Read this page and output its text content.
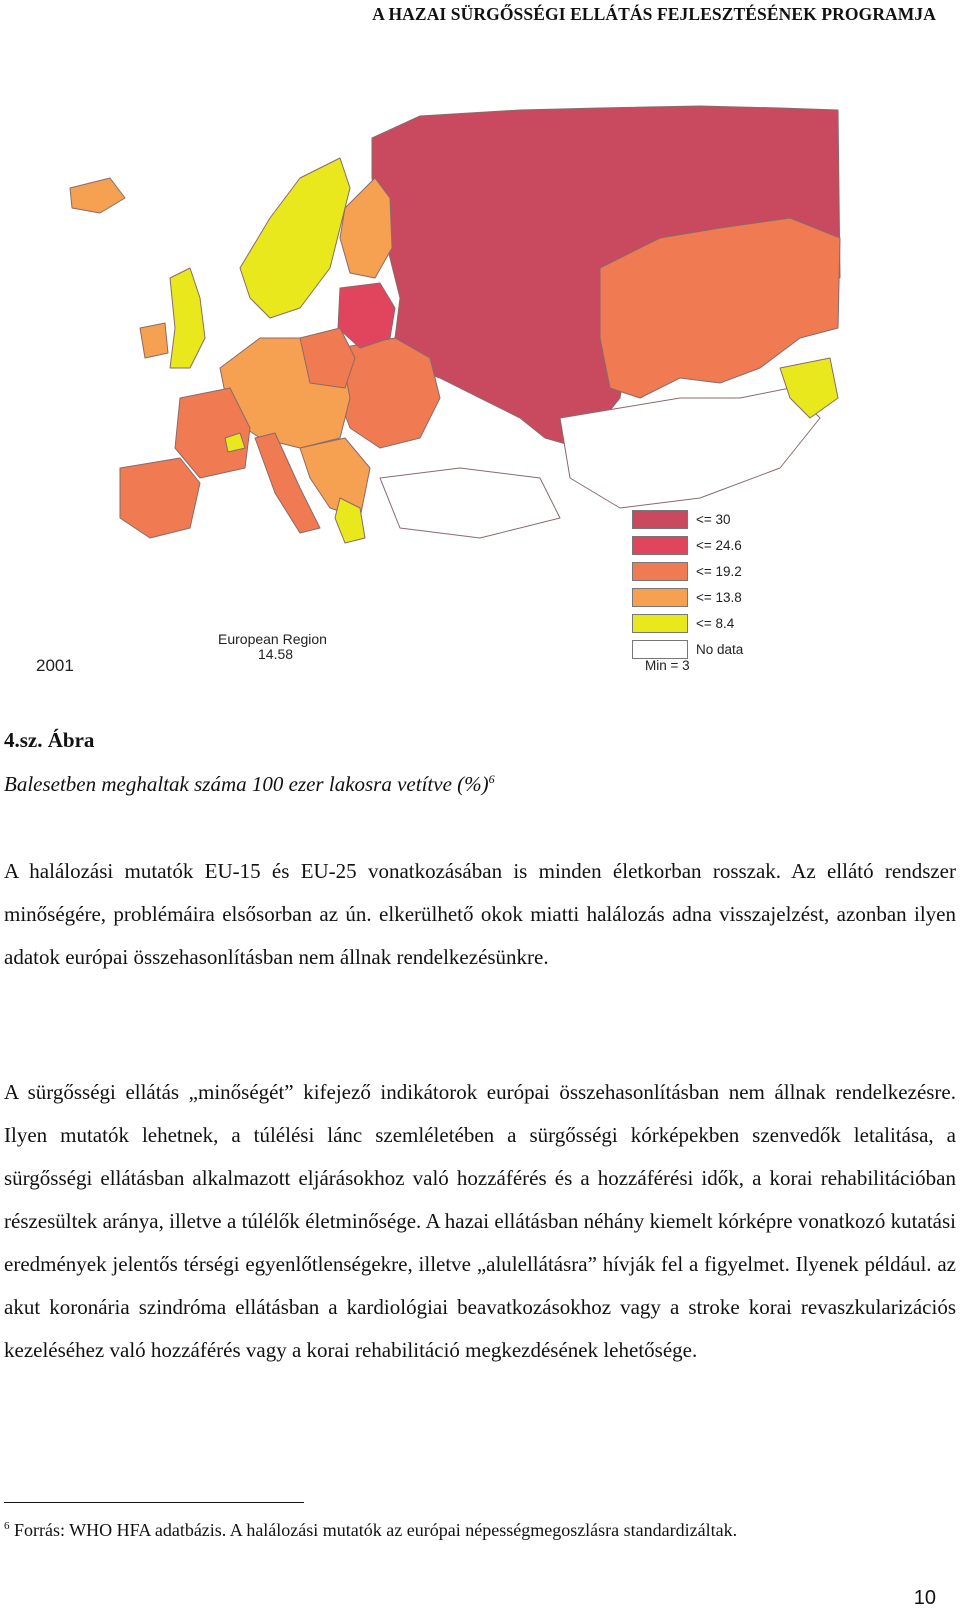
A HAZAI SÜRGŐSSÉGI ELLÁTÁS FEJLESZTÉSÉNEK PROGRAMJA
2001
European Region
14.58
<= 30
<= 24.6
<= 19.2
<= 13.8
<= 8.4
No data
Min = 3
4.sz. Ábra
Balesetben meghaltak száma 100 ezer lakosra vetítve (%)$^6$
A halálozási mutatók EU-15 és EU-25 vonatkozásában is minden életkorban rosszak. Az ellátó rendszer minőségére, problémáira elsősorban az ún. elkerülhető okok miatti halálozás adna visszajelzést, azonban ilyen adatok európai összehasonlításban nem állnak rendelkezésünkre.
A sürgősségi ellátás „minőségét” kifejező indikátorok európai összehasonlításban nem állnak rendelkezésre. Ilyen mutatók lehetnek, a túlélési lánc szemléletében a sürgősségi kórképekben szenvedők letalitása, a sürgősségi ellátásban alkalmazott eljárásokhoz való hozzáférés és a hozzáférési idők, a korai rehabilitációban részesültek aránya, illetve a túlélők életminősége. A hazai ellátásban néhány kiemelt kórképre vonatkozó kutatási eredmények jelentős térségi egyenlőtlenségekre, illetve „alulellátásra” hívják fel a figyelmet. Ilyenek például. az akut koronária szindróma ellátásban a kardiológiai beavatkozásokhoz vagy a stroke korai revaszkularizációs kezeléséhez való hozzáférés vagy a korai rehabilitáció megkezdésének lehetősége.
$^6$ Forrás: WHO HFA adatbázis. A halálozási mutatók az európai népességmegoszlásra standardizáltak.
10
